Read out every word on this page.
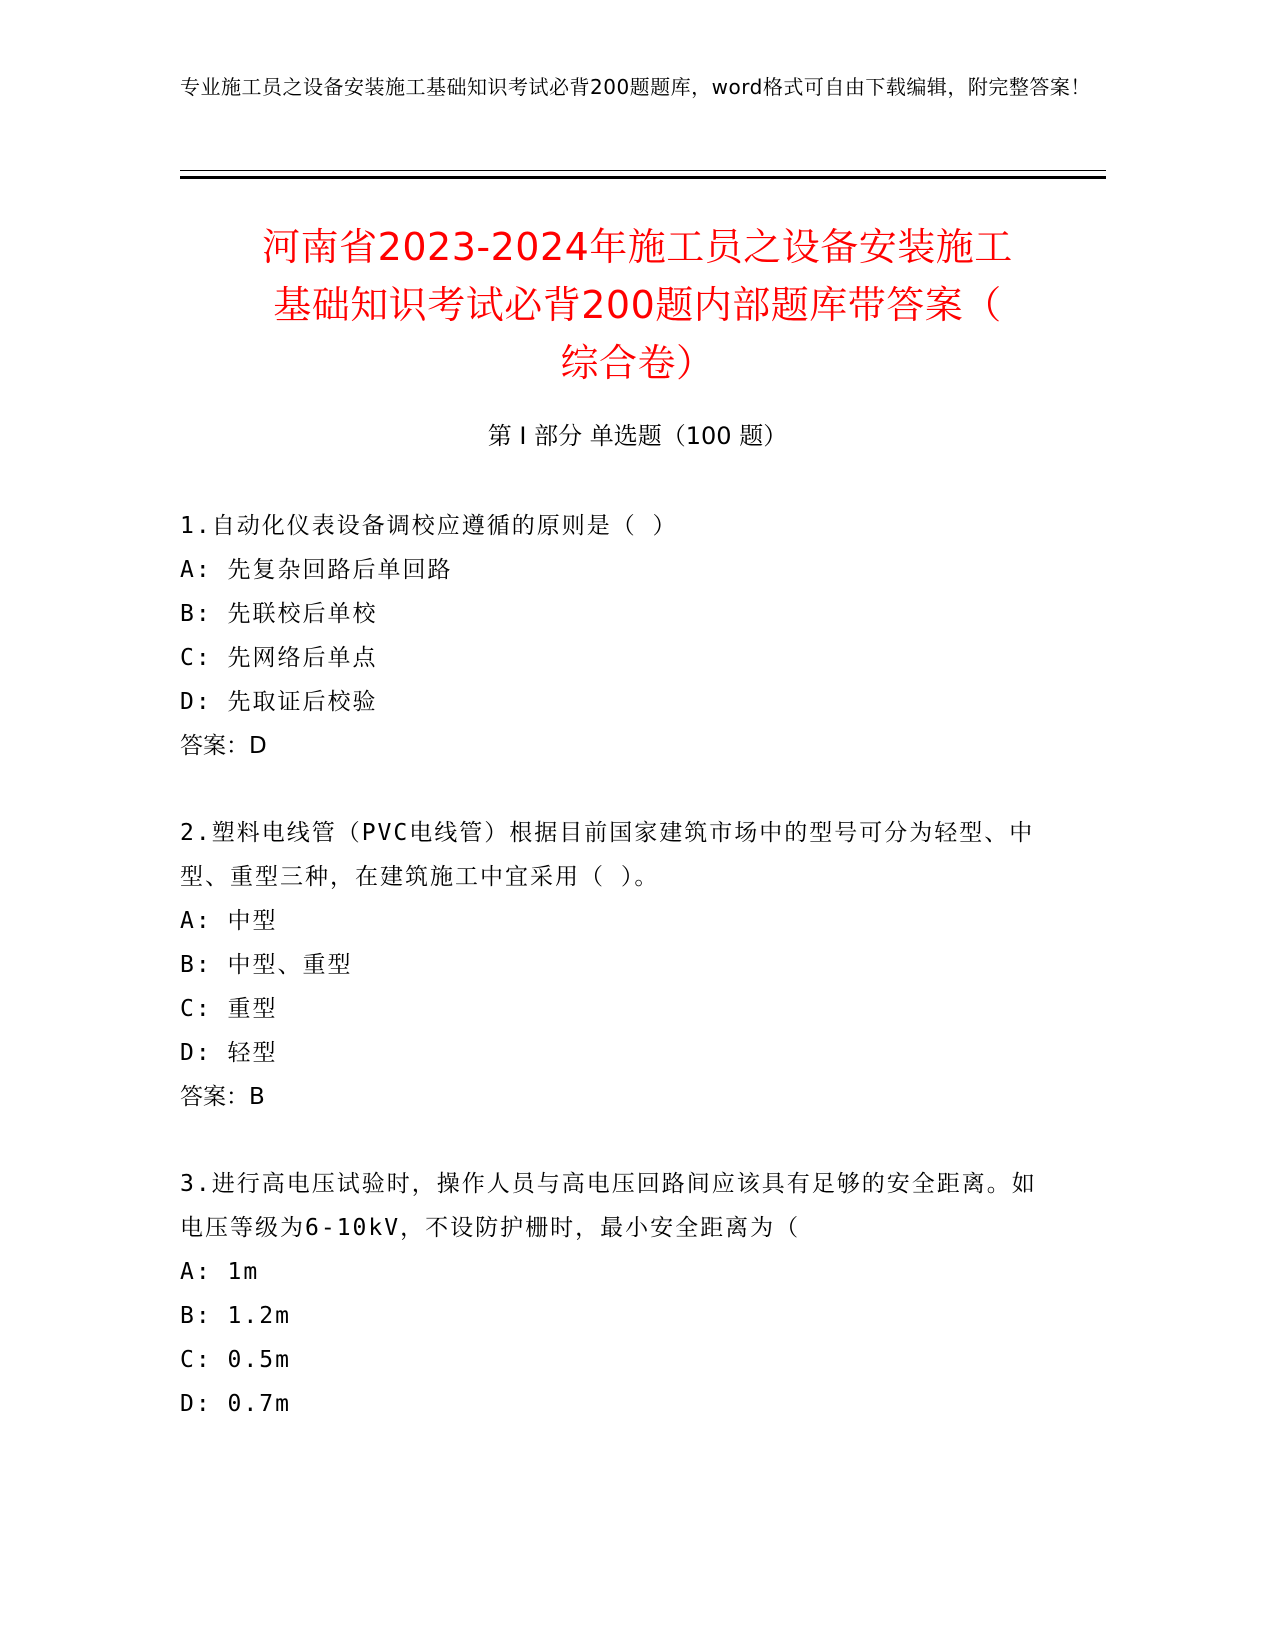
专业施工员之设备安装施工基础知识考试必背200题题库，word格式可自由下载编辑，附完整答案！
河南省2023-2024年施工员之设备安装施工
基础知识考试必背200题内部题库带答案（
综合卷）
第 I 部分 单选题（100 题）

1.自动化仪表设备调校应遵循的原则是（ ）

A: 先复杂回路后单回路

B: 先联校后单校

C: 先网络后单点

D: 先取证后校验

答案：D

2.塑料电线管（PVC电线管）根据目前国家建筑市场中的型号可分为轻型、中型、重型三种，在建筑施工中宜采用（ ）。

A: 中型

B: 中型、重型

C: 重型

D: 轻型

答案：B

3.进行高电压试验时，操作人员与高电压回路间应该具有足够的安全距离。如电压等级为6-10kV，不设防护栅时，最小安全距离为（

A: 1m

B: 1.2m

C: 0.5m

D: 0.7m
